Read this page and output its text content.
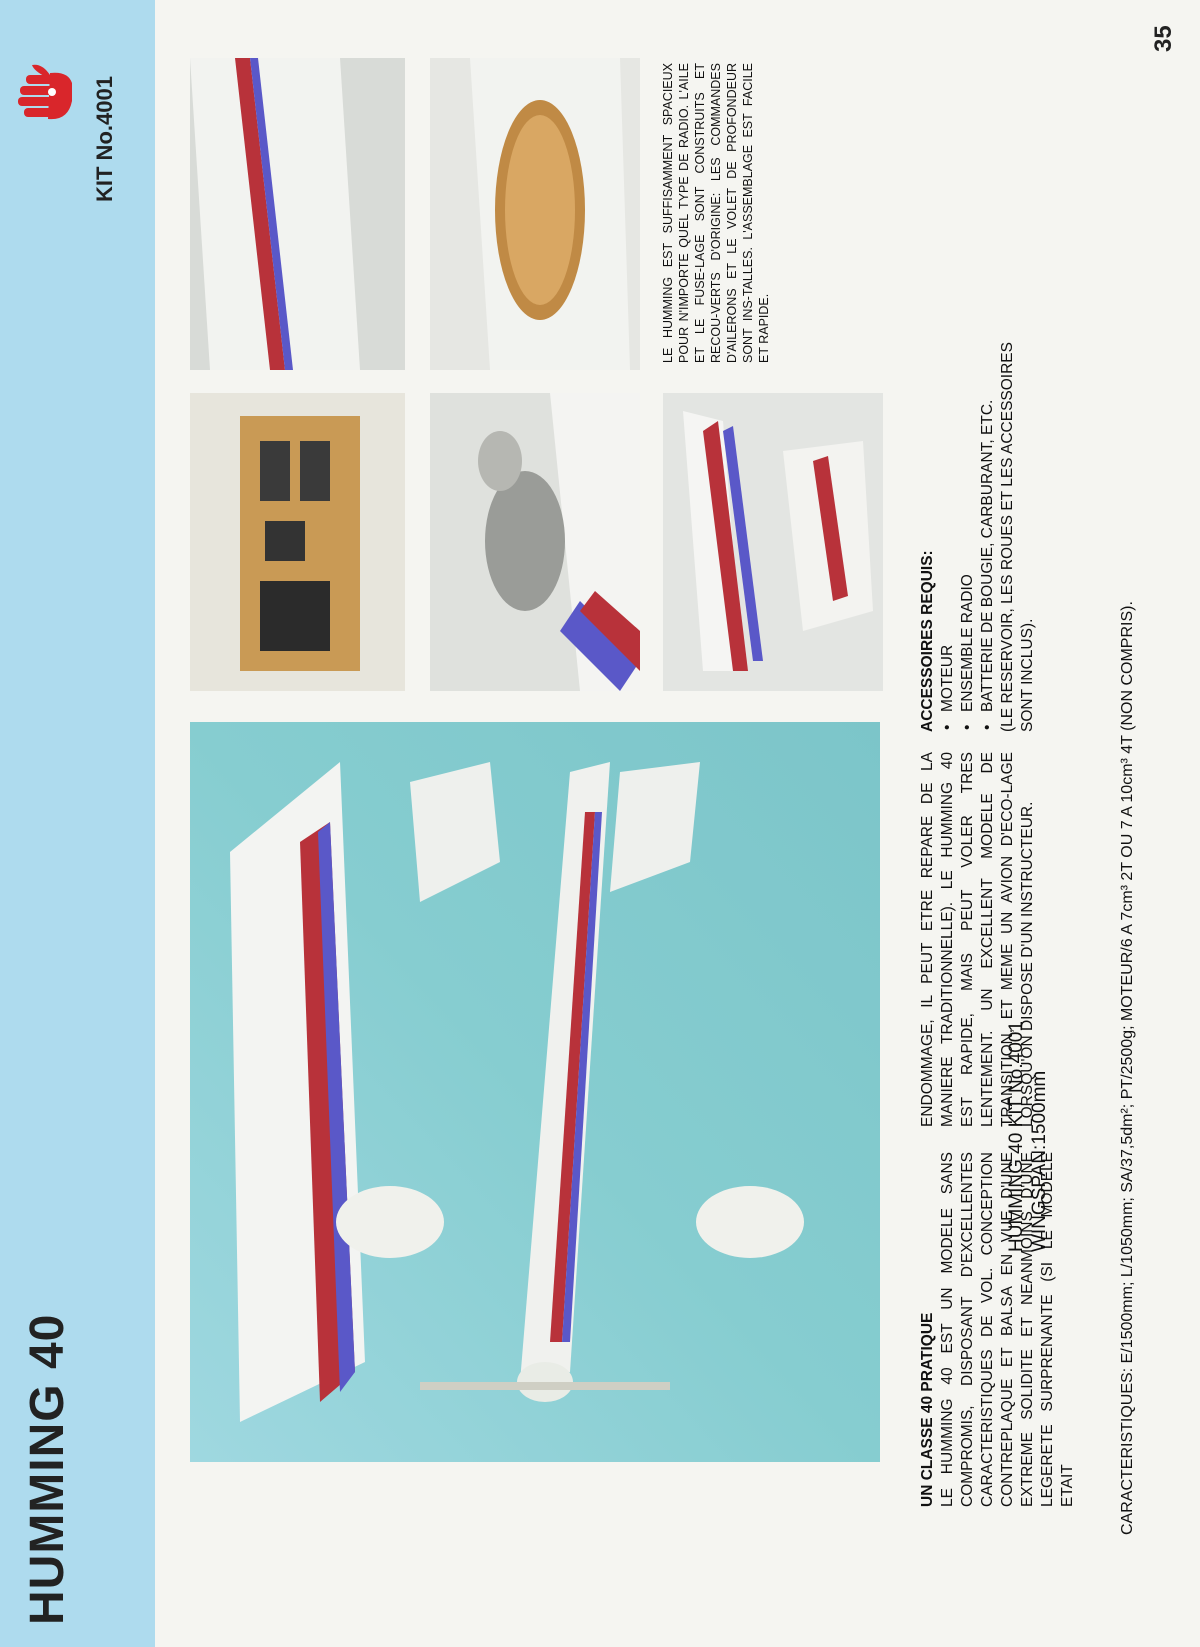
HUMMING 40
KIT No.4001
35
HUMMING 40 KIT No.4001 WINGSPAN:1500mm
LE HUMMING EST SUFFISAMMENT SPACIEUX POUR N'IMPORTE QUEL TYPE DE RADIO. L'AILE ET LE FUSE-LAGE SONT CONSTRUITS ET RECOU-VERTS D'ORIGINE: LES COMMANDES D'AILERONS ET LE VOLET DE PROFONDEUR SONT INS-TALLES. L'ASSEMBLAGE EST FACILE ET RAPIDE.
UN CLASSE 40 PRATIQUE LE HUMMING 40 EST UN MODELE SANS COMPROMIS, DISPOSANT D'EXCELLENTES CARACTERISTIQUES DE VOL. CONCEPTION CONTREPLAQUE ET BALSA EN VUE D'UNE EXTREME SOLIDITE ET NEANMOINS D'UNE LEGERETE SURPRENANTE (SI LE MODELE ETAIT
ENDOMMAGE, IL PEUT ETRE REPARE DE LA MANIERE TRADITIONNELLE). LE HUMMING 40 EST RAPIDE, MAIS PEUT VOLER TRES LENTEMENT. UN EXCELLENT MODELE DE TRANSITION, ET MEME UN AVION D'ECO-LAGE LORSQU'ON DISPOSE D'UN INSTRUCTEUR.
ACCESSOIRES REQUIS: • MOTEUR • ENSEMBLE RADIO • BATTERIE DE BOUGIE, CARBURANT, ETC. (LE RESERVOIR, LES ROUES ET LES ACCESSOIRES SONT INCLUS).	CARACTERISTIQUES: E/1500mm; L/1050mm; SA/37,5dm²; PT/2500g; MOTEUR/6 A 7cm³ 2T OU 7 A 10cm³ 4T (NON COMPRIS).
